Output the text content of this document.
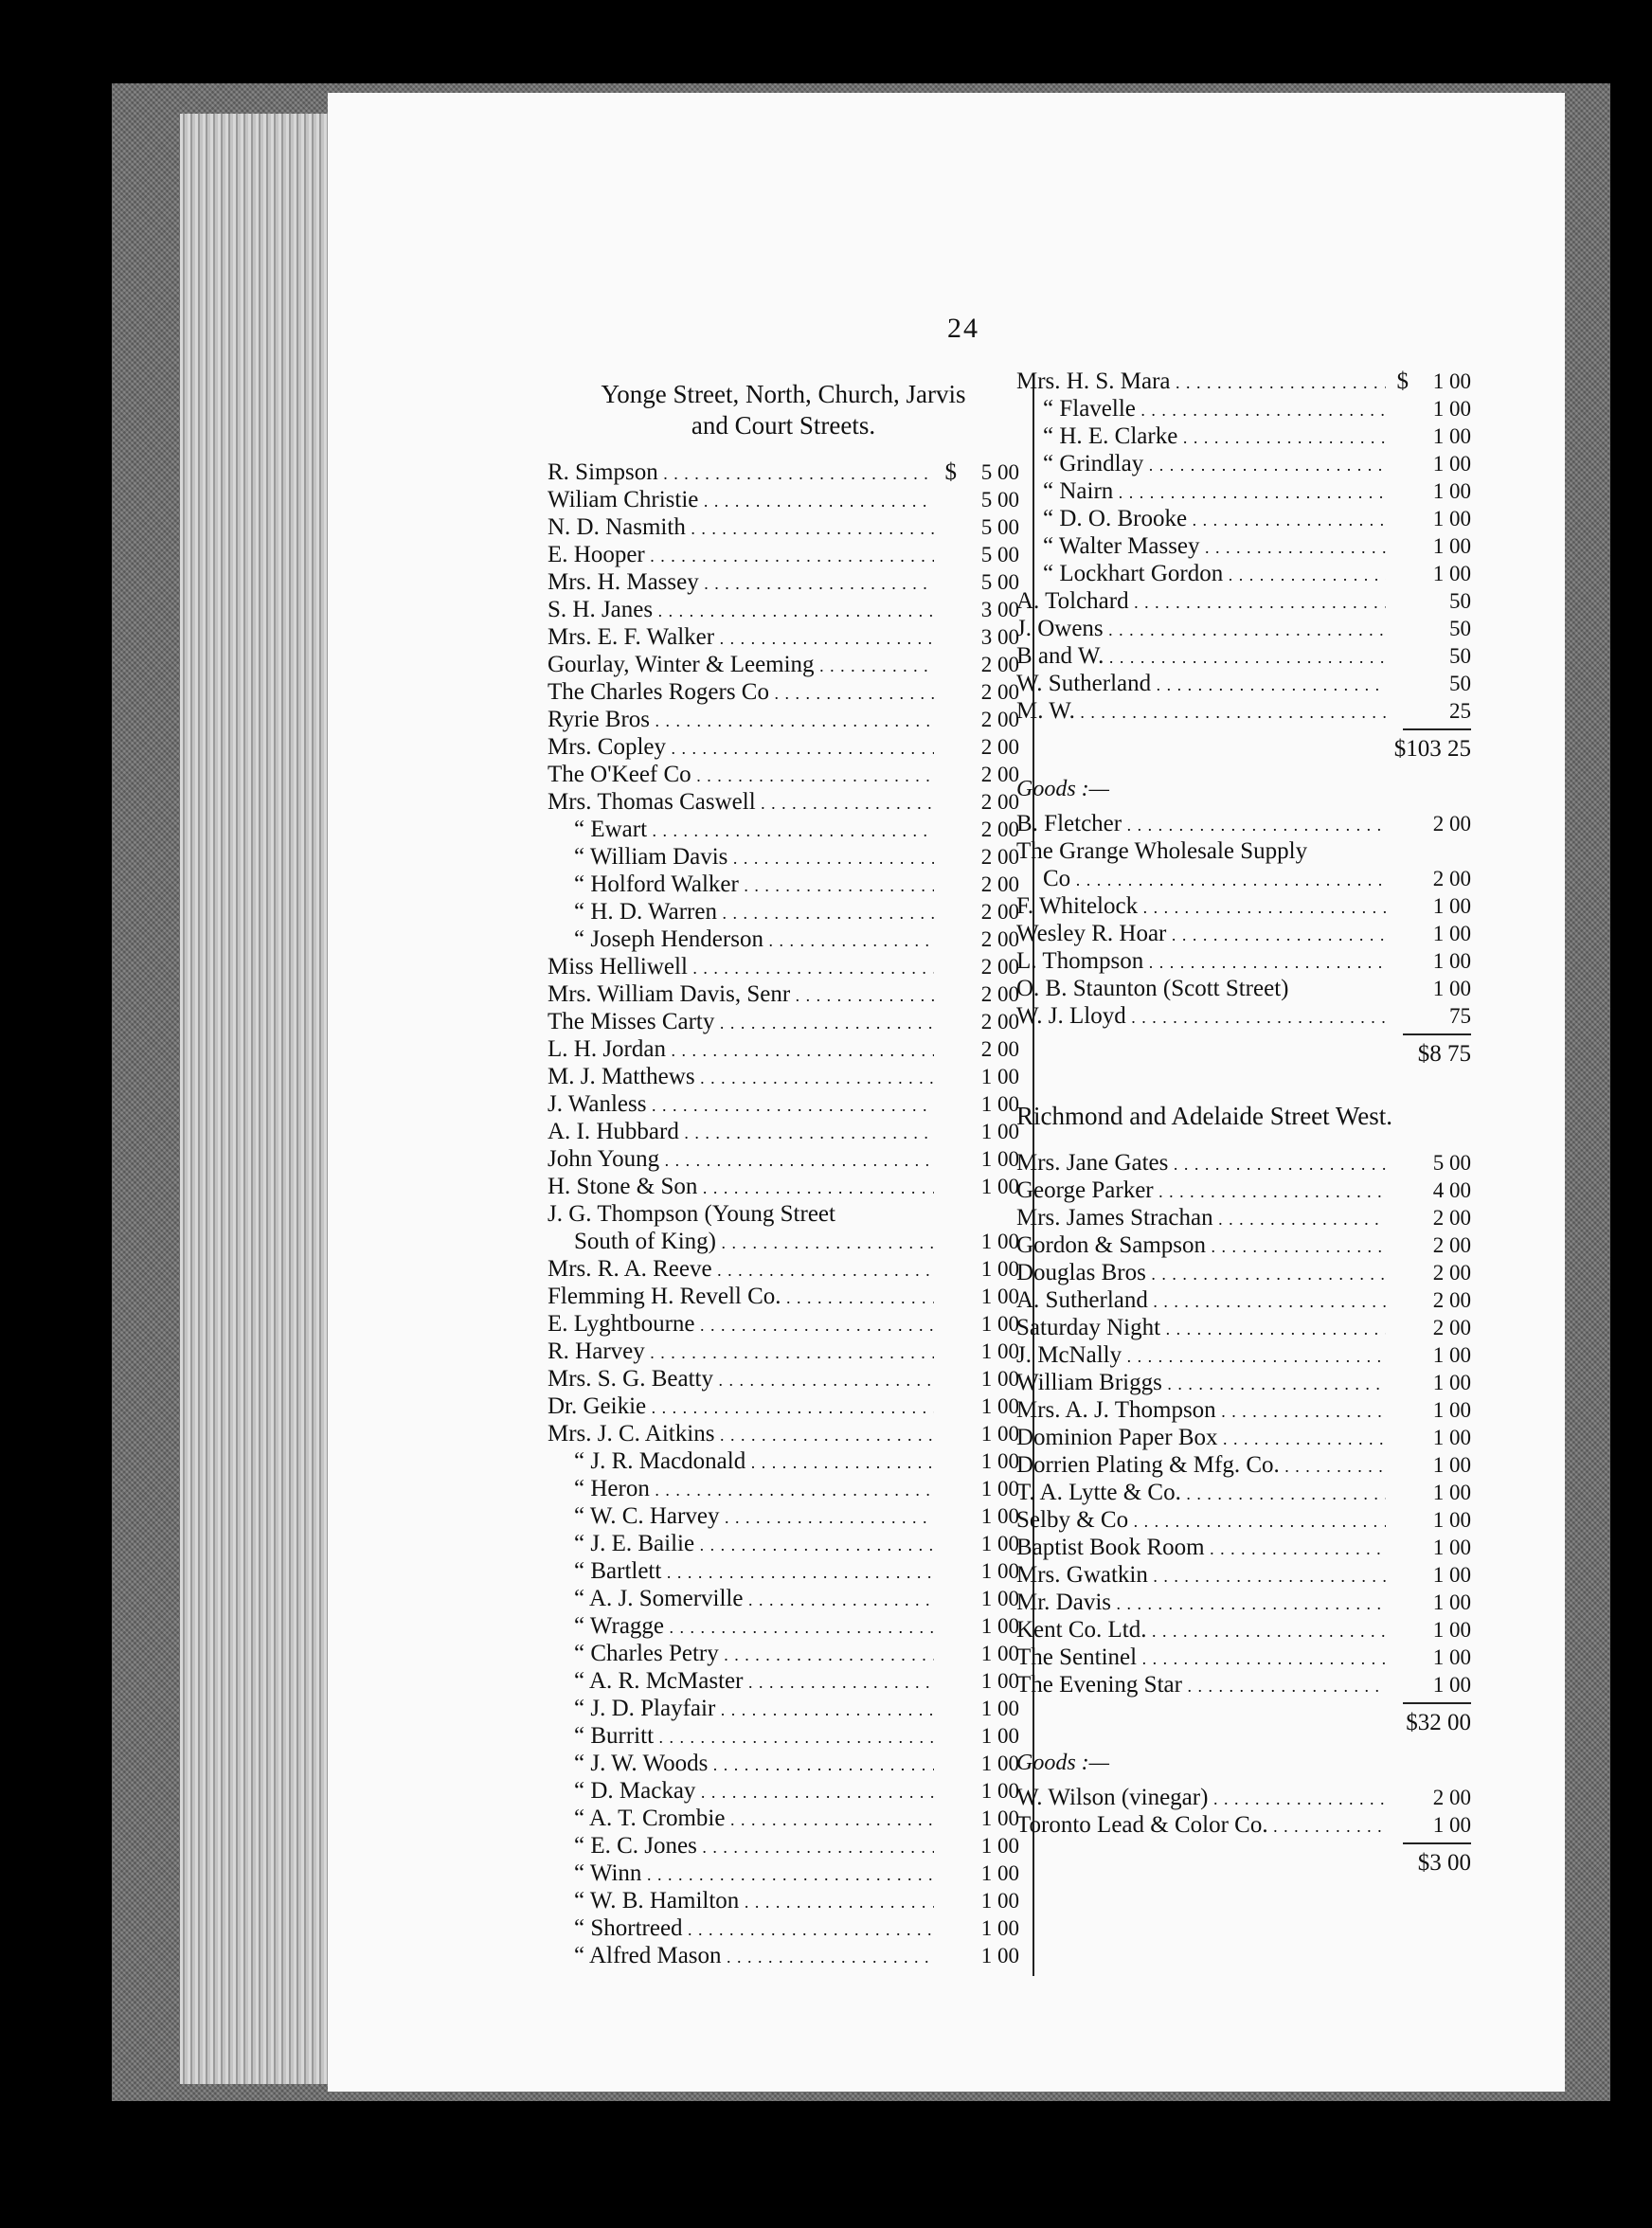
24
Yonge Street, North, Church, Jarvis
and Court Streets.
R. Simpson . . .	$	5 00
Wiliam Christie . . .	5 00
N. D. Nasmith . . .	5 00
E. Hooper . . .	5 00
Mrs. H. Massey . . .	5 00
S. H. Janes . . .	3 00
Mrs. E. F. Walker . . .	3 00
Gourlay, Winter & Leeming . . .	2 00
The Charles Rogers Co . . .	2 00
Ryrie Bros . . .	2 00
Mrs. Copley . . .	2 00
The O'Keef Co . . .	2 00
Mrs. Thomas Caswell . . .	2 00
“ Ewart . . .	2 00
“ William Davis . . .	2 00
“ Holford Walker . . .	2 00
“ H. D. Warren . . .	2 00
“ Joseph Henderson . . .	2 00
Miss Helliwell . . .	2 00
Mrs. William Davis, Senr . . .	2 00
The Misses Carty . . .	2 00
L. H. Jordan . . .	2 00
M. J. Matthews . . .	1 00
J. Wanless . . .	1 00
A. I. Hubbard . . .	1 00
John Young . . .	1 00
H. Stone & Son . . .	1 00
J. G. Thompson (Young Street
South of King) . . .	1 00
Mrs. R. A. Reeve . . .	1 00
Flemming H. Revell Co. . . .	1 00
E. Lyghtbourne . . .	1 00
R. Harvey . . .	1 00
Mrs. S. G. Beatty . . .	1 00
Dr. Geikie . . .	1 00
Mrs. J. C. Aitkins . . .	1 00
“ J. R. Macdonald . . .	1 00
“ Heron . . .	1 00
“ W. C. Harvey . . .	1 00
“ J. E. Bailie . . .	1 00
“ Bartlett . . .	1 00
“ A. J. Somerville . . .	1 00
“ Wragge . . .	1 00
“ Charles Petry . . .	1 00
“ A. R. McMaster . . .	1 00
“ J. D. Playfair . . .	1 00
“ Burritt . . .	1 00
“ J. W. Woods . . .	1 00
“ D. Mackay . . .	1 00
“ A. T. Crombie . . .	1 00
“ E. C. Jones . . .	1 00
“ Winn . . .	1 00
“ W. B. Hamilton . . .	1 00
“ Shortreed . . .	1 00
“ Alfred Mason . . .	1 00
Mrs. H. S. Mara . . .	$	1 00
“ Flavelle . . .	1 00
“ H. E. Clarke . . .	1 00
“ Grindlay . . .	1 00
“ Nairn . . .	1 00
“ D. O. Brooke . . .	1 00
“ Walter Massey . . .	1 00
“ Lockhart Gordon . . .	1 00
A. Tolchard . . .	50
J. Owens . . .	50
B and W. . . .	50
W. Sutherland . . .	50
M. W. . . .	25
$103 25
Goods :—
B. Fletcher . . .	2 00
The Grange Wholesale Supply
Co . . .	2 00
F. Whitelock . . .	1 00
Wesley R. Hoar . . .	1 00
L. Thompson . . .	1 00
O. B. Staunton (Scott Street)	1 00
W. J. Lloyd . . .	75
$8 75
Richmond and Adelaide Street West.
Mrs. Jane Gates . . .	5 00
George Parker . . .	4 00
Mrs. James Strachan . . .	2 00
Gordon & Sampson . . .	2 00
Douglas Bros . . .	2 00
A. Sutherland . . .	2 00
Saturday Night . . .	2 00
J. McNally . . .	1 00
William Briggs . . .	1 00
Mrs. A. J. Thompson . . .	1 00
Dominion Paper Box . . .	1 00
Dorrien Plating & Mfg. Co. . . .	1 00
T. A. Lytte & Co. . . .	1 00
Selby & Co . . .	1 00
Baptist Book Room . . .	1 00
Mrs. Gwatkin . . .	1 00
Mr. Davis . . .	1 00
Kent Co. Ltd. . . .	1 00
The Sentinel . . .	1 00
The Evening Star . . .	1 00
$32 00
Goods :—
W. Wilson (vinegar) . . .	2 00
Toronto Lead & Color Co. . . .	1 00
$3 00
